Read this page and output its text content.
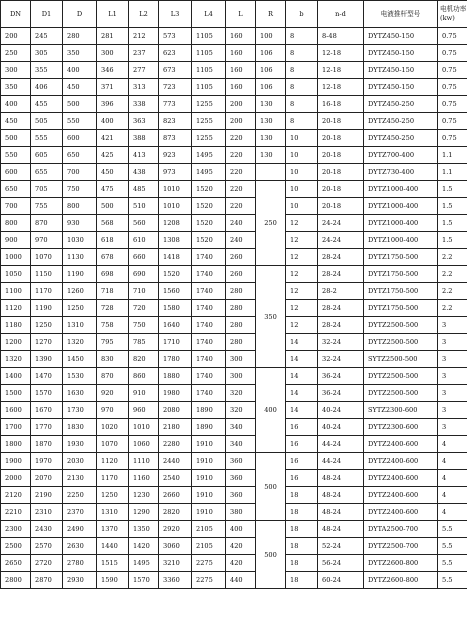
DN	D1	D	L1	L2	L3	L4	L	R	b	n-d	电液推杆型号	电机功率(kw)
200	245	280	281	212	573	1105	160	100	8	8-48	DYTZ450-150	0.75
250	305	350	300	237	623	1105	160	106	8	12-18	DYTZ450-150	0.75
300	355	400	346	277	673	1105	160	106	8	12-18	DYTZ450-150	0.75
350	406	450	371	313	723	1105	160	106	8	12-18	DYTZ450-150	0.75
400	455	500	396	338	773	1255	200	130	8	16-18	DYTZ450-250	0.75
450	505	550	400	363	823	1255	200	130	8	20-18	DYTZ450-250	0.75
500	555	600	421	388	873	1255	220	130	10	20-18	DYTZ450-250	0.75
550	605	650	425	413	923	1495	220	130	10	20-18	DYTZ700-400	1.1
600	655	700	450	438	973	1495	220		10	20-18	DYTZ730-400	1.1
650	705	750	475	485	1010	1520	220	250	10	20-18	DYTZ1000-400	1.5
700	755	800	500	510	1010	1520	220		10	20-18	DYTZ1000-400	1.5
800	870	930	568	560	1208	1520	240		12	24-24	DYTZ1000-400	1.5
900	970	1030	618	610	1308	1520	240		12	24-24	DYTZ1000-400	1.5
1000	1070	1130	678	660	1418	1740	260		12	28-24	DYTZ1750-500	2.2
1050	1150	1190	698	690	1520	1740	260	350	12	28-24	DYTZ1750-500	2.2
1100	1170	1260	718	710	1560	1740	280		12	28-2	DYTZ1750-500	2.2
1120	1190	1250	728	720	1580	1740	280		12	28-24	DYTZ1750-500	2.2
1180	1250	1310	758	750	1640	1740	280		12	28-24	DYTZ2500-500	3
1200	1270	1320	795	785	1710	1740	280		14	32-24	DYTZ2500-500	3
1320	1390	1450	830	820	1780	1740	300		14	32-24	SYTZ2500-500	3
1400	1470	1530	870	860	1880	1740	300	400	14	36-24	DYTZ2500-500	3
1500	1570	1630	920	910	1980	1740	320		14	36-24	DYTZ2500-500	3
1600	1670	1730	970	960	2080	1890	320		14	40-24	SYTZ2300-600	3
1700	1770	1830	1020	1010	2180	1890	340		16	40-24	DYTZ2300-600	3
1800	1870	1930	1070	1060	2280	1910	340		16	44-24	DYTZ2400-600	4
1900	1970	2030	1120	1110	2440	1910	360	500	16	44-24	DYTZ2400-600	4
2000	2070	2130	1170	1160	2540	1910	360		16	48-24	DYTZ2400-600	4
2120	2190	2250	1250	1230	2660	1910	360		18	48-24	DYTZ2400-600	4
2210	2310	2370	1310	1290	2820	1910	380		18	48-24	DYTZ2400-600	4
2300	2430	2490	1370	1350	2920	2105	400	500	18	48-24	DYTA2500-700	5.5
2500	2570	2630	1440	1420	3060	2105	420		18	52-24	DYTZ2500-700	5.5
2650	2720	2780	1515	1495	3210	2275	420		18	56-24	DYTZ2600-800	5.5
2800	2870	2930	1590	1570	3360	2275	440		18	60-24	DYTZ2600-800	5.5
